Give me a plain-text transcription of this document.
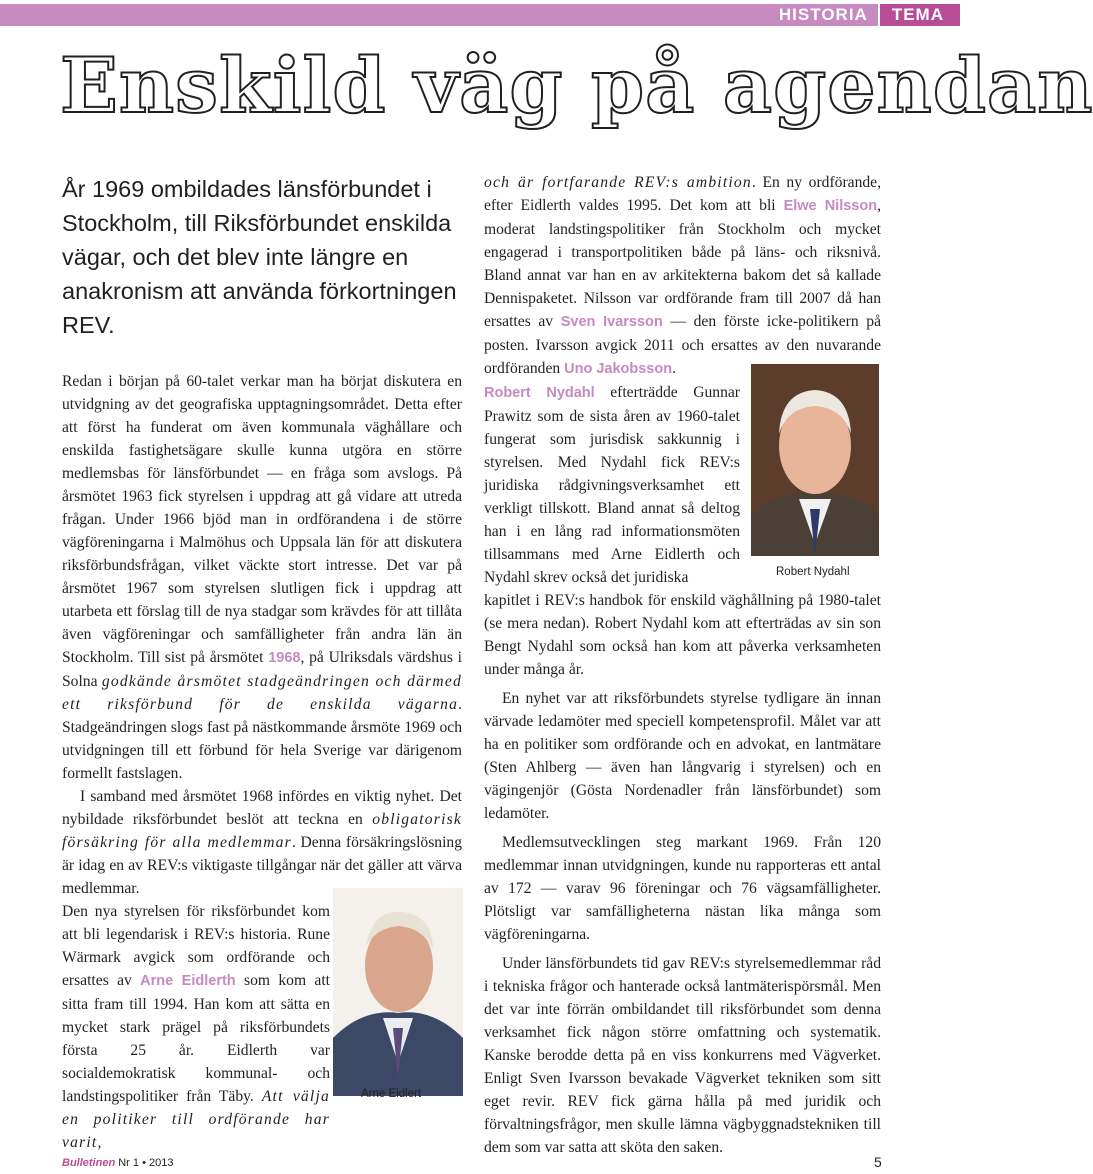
HISTORIA	TEMA
Enskild väg på agendan
År 1969 ombildades länsförbundet i Stockholm, till Riksförbundet enskilda vägar, och det blev inte längre en anakronism att använda förkortningen REV.

Redan i början på 60-talet verkar man ha börjat diskutera en utvidgning av det geografiska upptagningsområdet. Detta efter att först ha funderat om även kommunala väghållare och enskilda fastighetsägare skulle kunna utgöra en större medlemsbas för länsförbundet — en fråga som avslogs. På årsmötet 1963 fick styrelsen i uppdrag att gå vidare att utreda frågan. Under 1966 bjöd man in ordförandena i de större vägföreningarna i Malmöhus och Uppsala län för att diskutera riksförbundsfrågan, vilket väckte stort intresse. Det var på årsmötet 1967 som styrelsen slutligen fick i uppdrag att utarbeta ett förslag till de nya stadgar som krävdes för att tillåta även vägföreningar och samfälligheter från andra län än Stockholm. Till sist på årsmötet 1968, på Ulriksdals värdshus i Solna godkände årsmötet stadgeändringen och därmed ett riksförbund för de enskilda vägarna. Stadgeändringen slogs fast på nästkommande årsmöte 1969 och utvidgningen till ett förbund för hela Sverige var därigenom formellt fastslagen.

I samband med årsmötet 1968 infördes en viktig nyhet. Det nybildade riksförbundet beslöt att teckna en obligatorisk försäkring för alla medlemmar. Denna försäkringslösning är idag en av REV:s viktigaste tillgångar när det gäller att värva medlemmar.

Den nya styrelsen för riksförbundet kom att bli legendarisk i REV:s historia. Rune Wärmark avgick som ordförande och ersattes av Arne Eidlerth som kom att sitta fram till 1994. Han kom att sätta en mycket stark prägel på riksförbundets första 25 år. Eidlerth var socialdemokratisk kommunal- och landstingspolitiker från Täby. Att välja en politiker till ordförande har varit,

Arne Eidlert

och är fortfarande REV:s ambition. En ny ordförande, efter Eidlerth valdes 1995. Det kom att bli Elwe Nilsson, moderat landstingspolitiker från Stockholm och mycket engagerad i transportpolitiken både på läns- och riksnivå. Bland annat var han en av arkitekterna bakom det så kallade Dennispaketet. Nilsson var ordförande fram till 2007 då han ersattes av Sven Ivarsson — den förste icke-politikern på posten. Ivarsson avgick 2011 och ersattes av den nuvarande ordföranden Uno Jakobsson.

Robert Nydahl efterträdde Gunnar Prawitz som de sista åren av 1960-talet fungerat som jurisdisk sakkunnig i styrelsen. Med Nydahl fick REV:s juridiska rådgivningsverksamhet ett verkligt tillskott. Bland annat så deltog han i en lång rad informationsmöten tillsammans med Arne Eidlerth och Nydahl skrev också det juridiska

kapitlet i REV:s handbok för enskild väghållning på 1980-talet (se mera nedan). Robert Nydahl kom att efterträdas av sin son Bengt Nydahl som också han kom att påverka verksamheten under många år.

En nyhet var att riksförbundets styrelse tydligare än innan värvade ledamöter med speciell kompetensprofil. Målet var att ha en politiker som ordförande och en advokat, en lantmätare (Sten Ahlberg — även han långvarig i styrelsen) och en vägingenjör (Gösta Nordenadler från länsförbundet) som ledamöter.

Medlemsutvecklingen steg markant 1969. Från 120 medlemmar innan utvidgningen, kunde nu rapporteras ett antal av 172 — varav 96 föreningar och 76 vägsamfälligheter. Plötsligt var samfälligheterna nästan lika många som vägföreningarna.

Under länsförbundets tid gav REV:s styrelsemedlemmar råd i tekniska frågor och hanterade också lantmäterispörsmål. Men det var inte förrän ombildandet till riksförbundet som denna verksamhet fick någon större omfattning och systematik. Kanske berodde detta på en viss konkurrens med Vägverket. Enligt Sven Ivarsson bevakade Vägverket tekniken som sitt eget revir. REV fick gärna hålla på med juridik och förvaltningsfrågor, men skulle lämna vägbyggnadstekniken till dem som var satta att sköta den saken.

Robert Nydahl
Bulletinen Nr 1 • 2013	5
